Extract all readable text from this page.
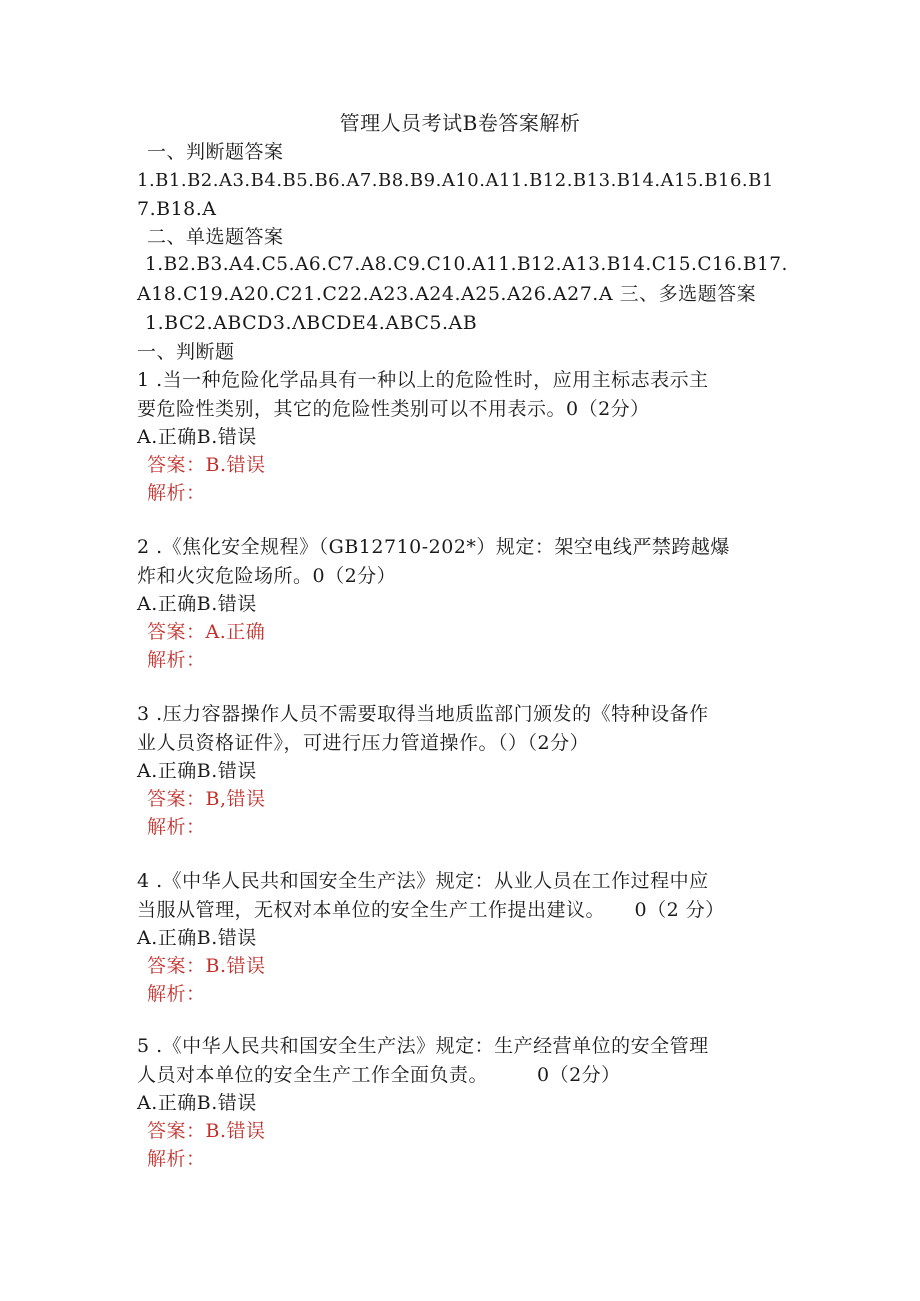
管理人员考试B卷答案解析
一、判断题答案
1.B1.B2.A3.B4.B5.B6.A7.B8.B9.A10.A11.B12.B13.B14.A15.B16.B1
7.B18.A
二、单选题答案
1.B2.B3.A4.C5.A6.C7.A8.C9.C10.A11.B12.A13.B14.C15.C16.B17.
A18.C19.A20.C21.C22.A23.A24.A25.A26.A27.A 三、多选题答案
1.BC2.ABCD3.ΛBCDE4.ABC5.AB
一、判断题
1 .当一种危险化学品具有一种以上的危险性时，应用主标志表示主
要危险性类别，其它的危险性类别可以不用表示。0（2分）
A.正确B.错误
答案：B.错误
解析：
2 .《焦化安全规程》（GB12710-202*）规定：架空电线严禁跨越爆
炸和火灾危险场所。0（2分）
A.正确B.错误
答案：A.正确
解析：
3 .压力容器操作人员不需要取得当地质监部门颁发的《特种设备作
业人员资格证件》，可进行压力管道操作。（）（2分）
A.正确B.错误
答案：B,错误
解析：
4 .《中华人民共和国安全生产法》规定：从业人员在工作过程中应
当服从管理，无权对本单位的安全生产工作提出建议。　　0（2 分）
A.正确B.错误
答案：B.错误
解析：
5 .《中华人民共和国安全生产法》规定：生产经营单位的安全管理
人员对本单位的安全生产工作全面负责。　　　0（2分）
A.正确B.错误
答案：B.错误
解析：
